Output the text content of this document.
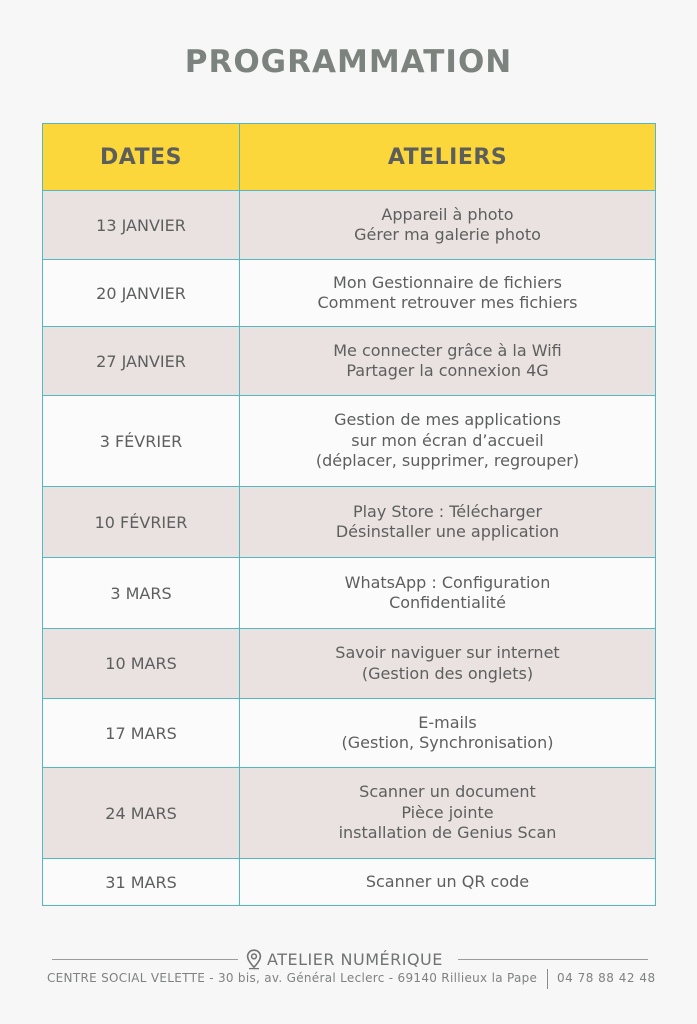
PROGRAMMATION
DATES	ATELIERS
13 JANVIER	Appareil à photo
Gérer ma galerie photo

20 JANVIER	Mon Gestionnaire de fichiers
Comment retrouver mes fichiers

27 JANVIER	Me connecter grâce à la Wifi
Partager la connexion 4G

3 FÉVRIER	Gestion de mes applications
sur mon écran d’accueil
(déplacer, supprimer, regrouper)

10 FÉVRIER	Play Store : Télécharger
Désinstaller une application

3 MARS	WhatsApp : Configuration
Confidentialité

10 MARS	Savoir naviguer sur internet
(Gestion des onglets)

17 MARS	E-mails
(Gestion, Synchronisation)

24 MARS	Scanner un document
Pièce jointe
installation de Genius Scan

31 MARS	Scanner un QR code
ATELIER NUMÉRIQUE
CENTRE SOCIAL VELETTE - 30 bis, av. Général Leclerc - 69140 Rillieux la Pape 04 78 88 42 48
